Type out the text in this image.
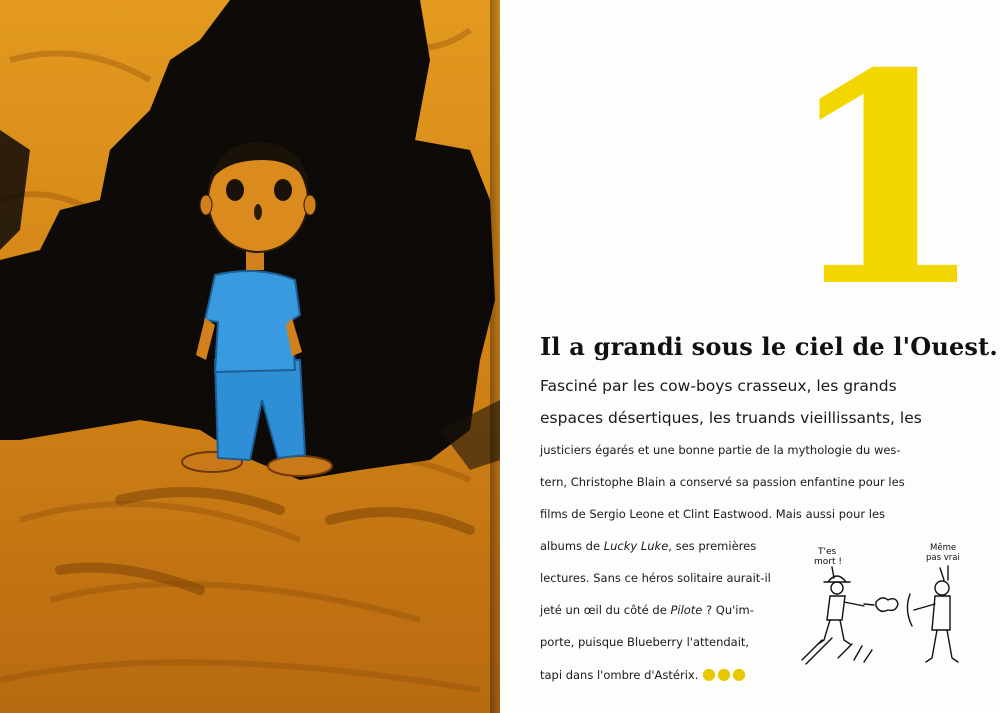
1
Il a grandi sous le ciel de l'Ouest.
Fasciné par les cow-boys crasseux, les grands
espaces désertiques, les truands vieillissants, les
justiciers égarés et une bonne partie de la mythologie du wes-
tern, Christophe Blain a conservé sa passion enfantine pour les
films de Sergio Leone et Clint Eastwood. Mais aussi pour les
albums de Lucky Luke, ses premières
lectures. Sans ce héros solitaire aurait-il
jeté un œil du côté de Pilote ? Qu'im-
porte, puisque Blueberry l'attendait,
tapi dans l'ombre d'Astérix. ●●●
T'es
mort !
Même
pas vrai
